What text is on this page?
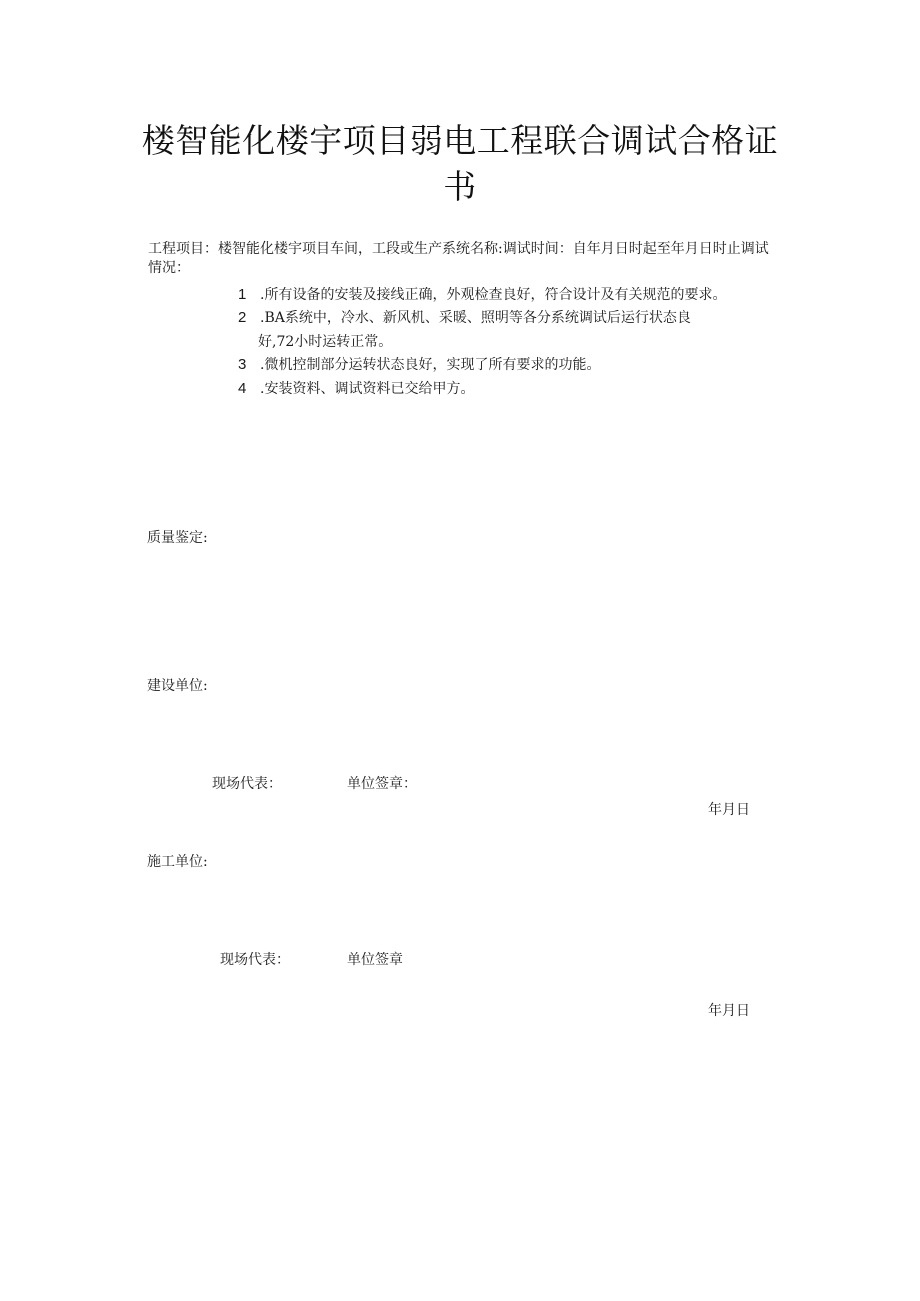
楼智能化楼宇项目弱电工程联合调试合格证书
工程项目：楼智能化楼宇项目车间，工段或生产系统名称:调试时间：自年月日时起至年月日时止调试情况：
1 .所有设备的安装及接线正确，外观检查良好，符合设计及有关规范的要求。
2 .BA系统中，冷水、新风机、采暖、照明等各分系统调试后运行状态良
好,72小时运转正常。
3 .微机控制部分运转状态良好，实现了所有要求的功能。
4 .安装资料、调试资料已交给甲方。
质量鉴定:
建设单位:
现场代表：	单位签章：
年月日
施工单位:
现场代表：	单位签章
年月日
